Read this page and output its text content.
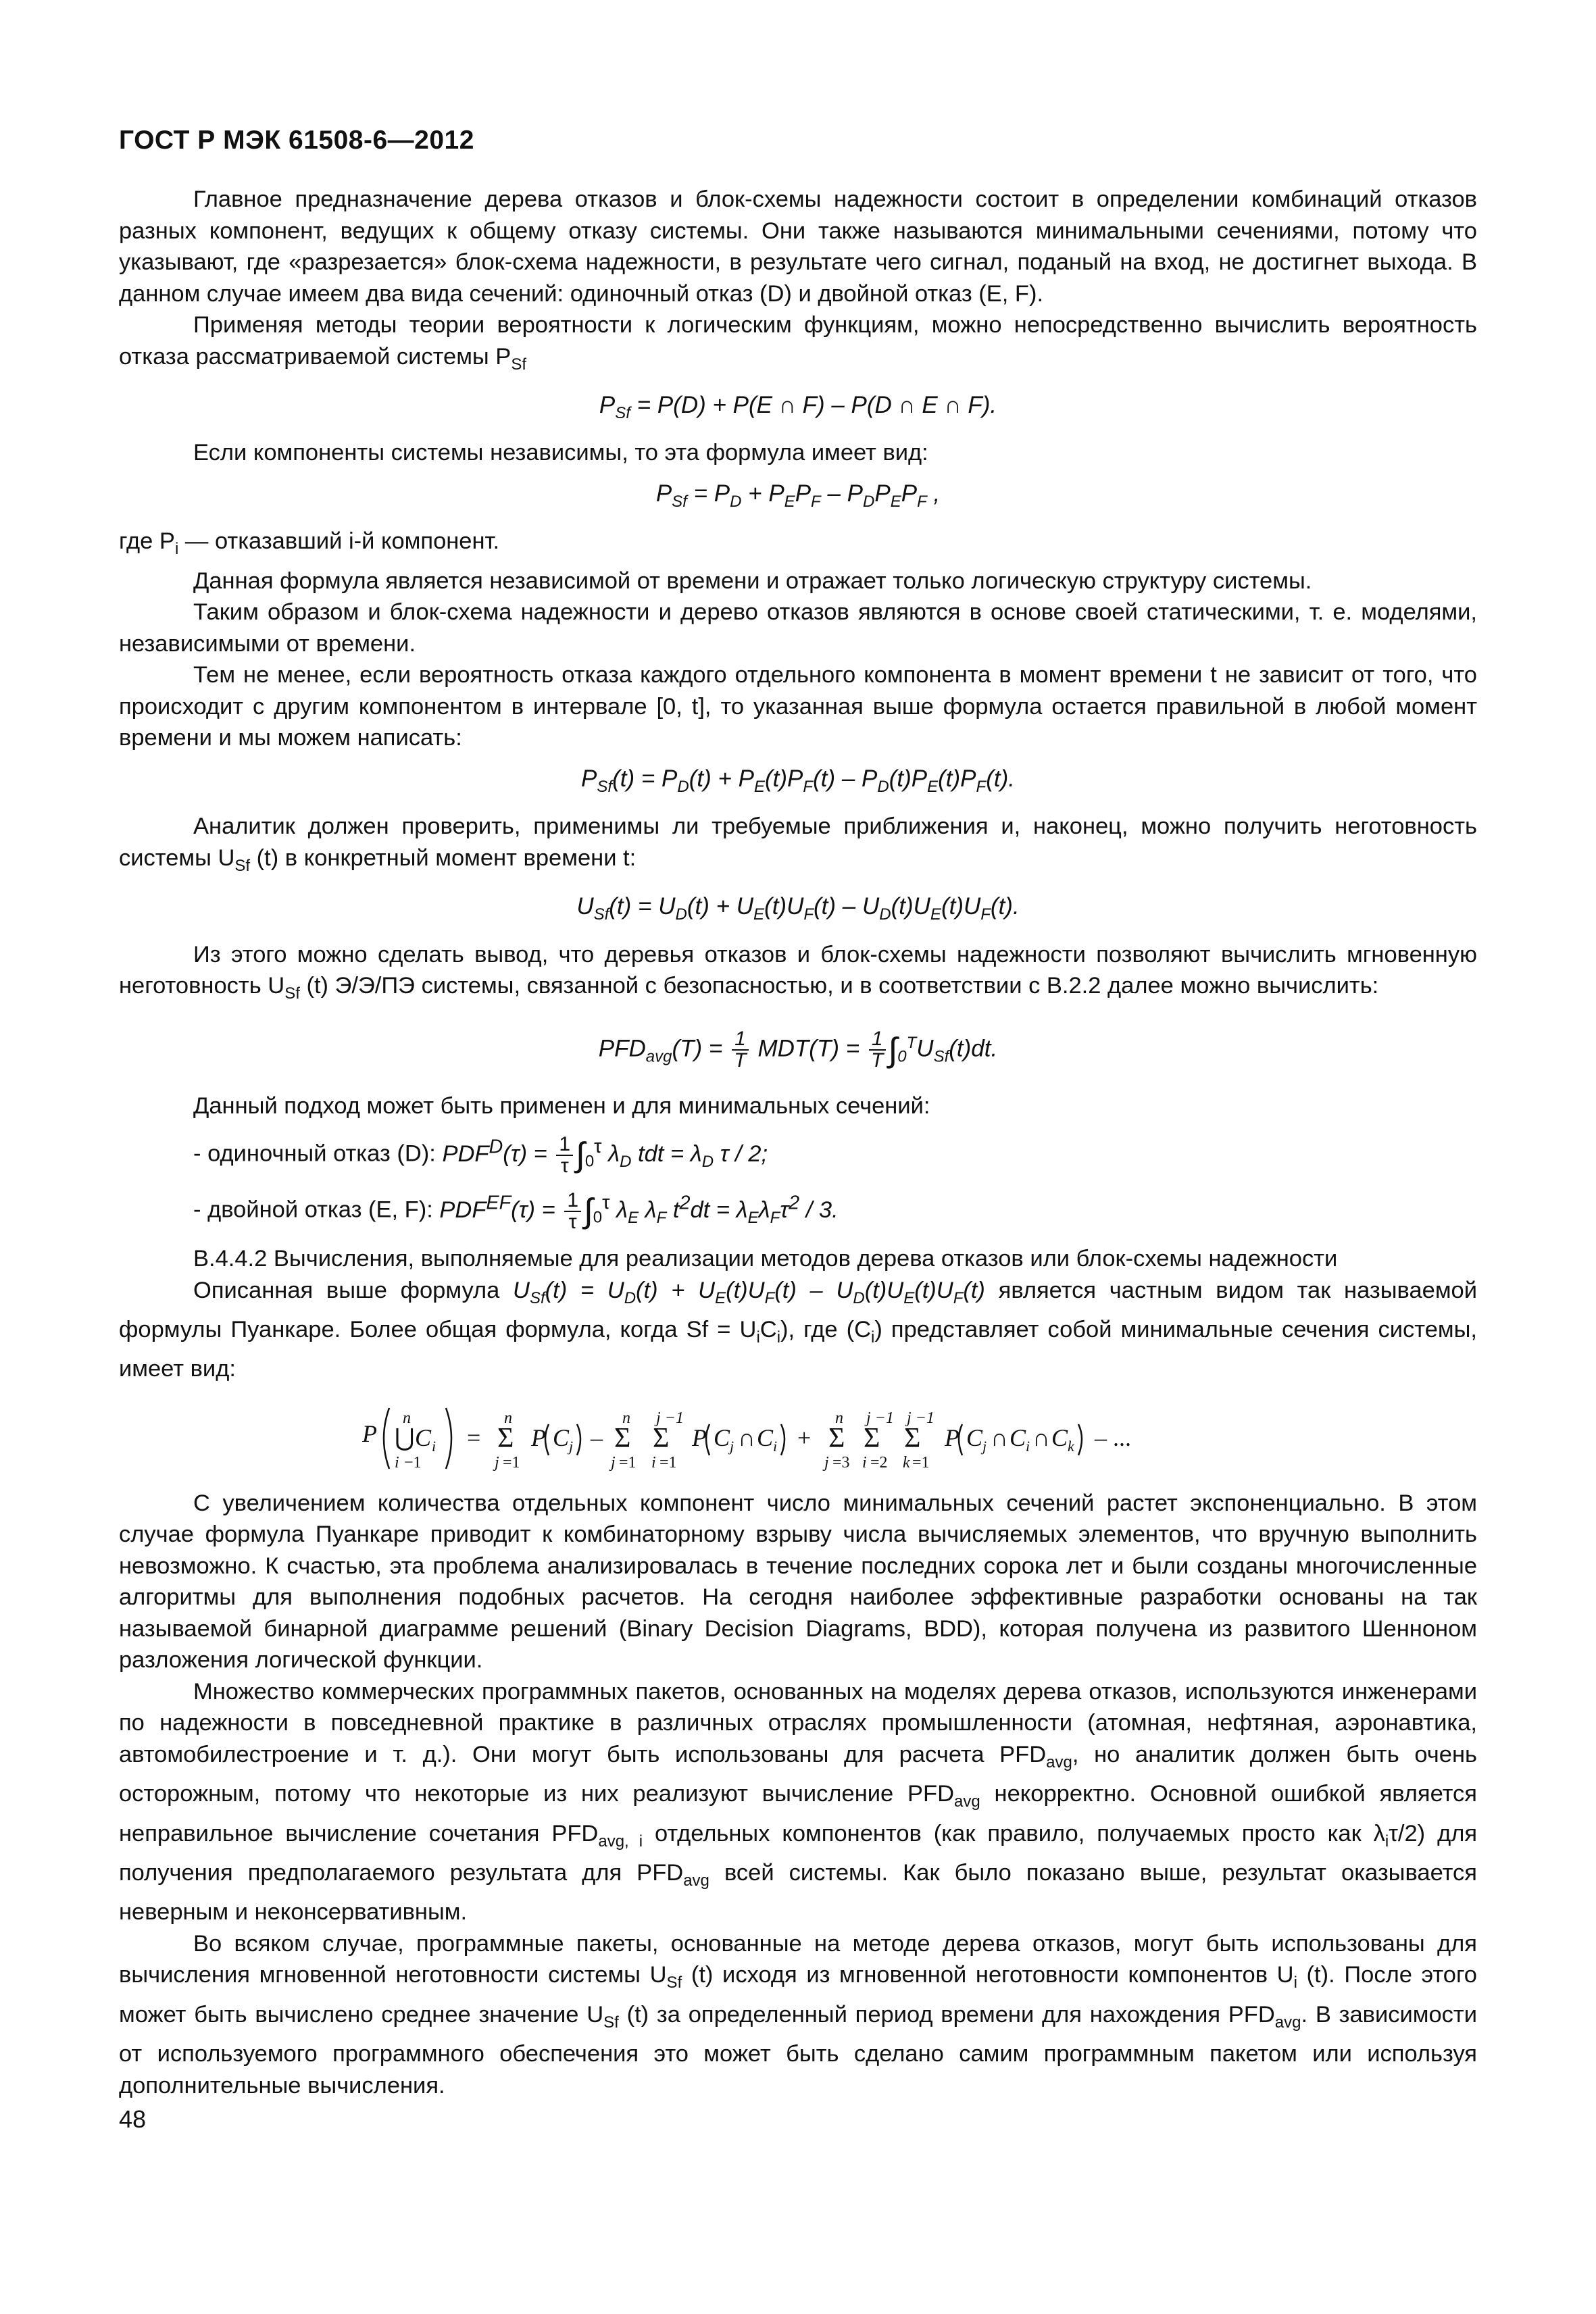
ГОСТ Р МЭК 61508-6—2012

Главное предназначение дерева отказов и блок-схемы надежности состоит в определении комбинаций отказов разных компонент, ведущих к общему отказу системы. Они также называются минимальными сечениями, потому что указывают, где «разрезается» блок-схема надежности, в результате чего сигнал, поданый на вход, не достигнет выхода. В данном случае имеем два вида сечений: одиночный отказ (D) и двойной отказ (E, F).

Применяя методы теории вероятности к логическим функциям, можно непосредственно вычислить вероятность отказа рассматриваемой системы $P_{Sf}$

$P_{Sf} = P(D) + P(E$ ∩ F) – P(D ∩ E ∩ F).

Если компоненты системы независимы, то эта формула имеет вид:

$P_{Sf} = P_D + P_EP_F - P_DP_EP_F$ ,

где $P_i$ — отказавший i-й компонент.

Данная формула является независимой от времени и отражает только логическую структуру системы.

Таким образом и блок-схема надежности и дерево отказов являются в основе своей статическими, т. е. моделями, независимыми от времени.

Тем не менее, если вероятность отказа каждого отдельного компонента в момент времени t не зависит от того, что происходит с другим компонентом в интервале [0, t], то указанная выше формула остается правильной в любой момент времени и мы можем написать:

$P_{Sf}(t) = P_D(t) + P_E(t)P_F(t) - P_D(t)P_E(t)P_F(t)$.

Аналитик должен проверить, применимы ли требуемые приближения и, наконец, можно получить неготовность системы $U_{Sf}$ (t) в конкретный момент времени t:

$U_{Sf}(t) = U_D(t) + U_E(t)U_F(t) - U_D(t)U_E(t)U_F(t)$.

Из этого можно сделать вывод, что деревья отказов и блок-схемы надежности позволяют вычислить мгновенную неготовность $U_{Sf}$ (t) Э/Э/ПЭ системы, связанной с безопасностью, и в соответствии с В.2.2 далее можно вычислить:

$PFD_{avg}(T) = \frac{1}{T} MDT(T) = \frac{1}{T} \int_0^TU_{Sf}(t)dt$.

Данный подход может быть применен и для минимальных сечений:

- одиночный отказ (D): $PDF^D(\tau) = \frac{1}{\tau} \int_0^\tau$ $\lambda_D$ tdt = $\lambda_D$ τ / 2;
- двойной отказ (E, F): $PDF^{EF}(\tau) = \frac{1}{\tau} \int_0^\tau$ $\lambda_E$ $\lambda_F$ $t^2dt = \lambda_E\lambda_F\tau^2 / 3$.

В.4.4.2 Вычисления, выполняемые для реализации методов дерева отказов или блок-схемы надежности

Описанная выше формула $U_{Sf}(t) = U_D(t) + U_E(t)U_F(t) - U_D(t)U_E(t)U_F(t)$ является частным видом так называемой формулы Пуанкаре. Более общая формула, когда $Sf = U_iC_i$), где $(C_i)$ представляет собой минимальные сечения системы, имеет вид:

P
n
⋃ C i
i −1
=
n
Σ
j =1
P C j –
n
Σ
j =1
j −1
Σ
i =1
P C j ∩ C i +
n
Σ
j =3
j −1
Σ
i =2
j −1
Σ
k =1
P C j ∩ C i ∩ C k – ...

С увеличением количества отдельных компонент число минимальных сечений растет экспоненциально. В этом случае формула Пуанкаре приводит к комбинаторному взрыву числа вычисляемых элементов, что вручную выполнить невозможно. К счастью, эта проблема анализировалась в течение последних сорока лет и были созданы многочисленные алгоритмы для выполнения подобных расчетов. На сегодня наиболее эффективные разработки основаны на так называемой бинарной диаграмме решений (Binary Decision Diagrams, BDD), которая получена из развитого Шенноном разложения логической функции.

Множество коммерческих программных пакетов, основанных на моделях дерева отказов, используются инженерами по надежности в повседневной практике в различных отраслях промышленности (атомная, нефтяная, аэронавтика, автомобилестроение и т. д.). Они могут быть использованы для расчета $PFD_{avg}$, но аналитик должен быть очень осторожным, потому что некоторые из них реализуют вычисление $PFD_{avg}$ некорректно. Основной ошибкой является неправильное вычисление сочетания $PFD_{avg, i}$ отдельных компонентов (как правило, получаемых просто как $\lambda_i\tau/2$) для получения предполагаемого результата для $PFD_{avg}$ всей системы. Как было показано выше, результат оказывается неверным и неконсервативным.

Во всяком случае, программные пакеты, основанные на методе дерева отказов, могут быть использованы для вычисления мгновенной неготовности системы $U_{Sf}$ (t) исходя из мгновенной неготовности компонентов $U_i$ (t). После этого может быть вычислено среднее значение $U_{Sf}$ (t) за определенный период времени для нахождения $PFD_{avg}$. В зависимости от используемого программного обеспечения это может быть сделано самим программным пакетом или используя дополнительные вычисления.

48
